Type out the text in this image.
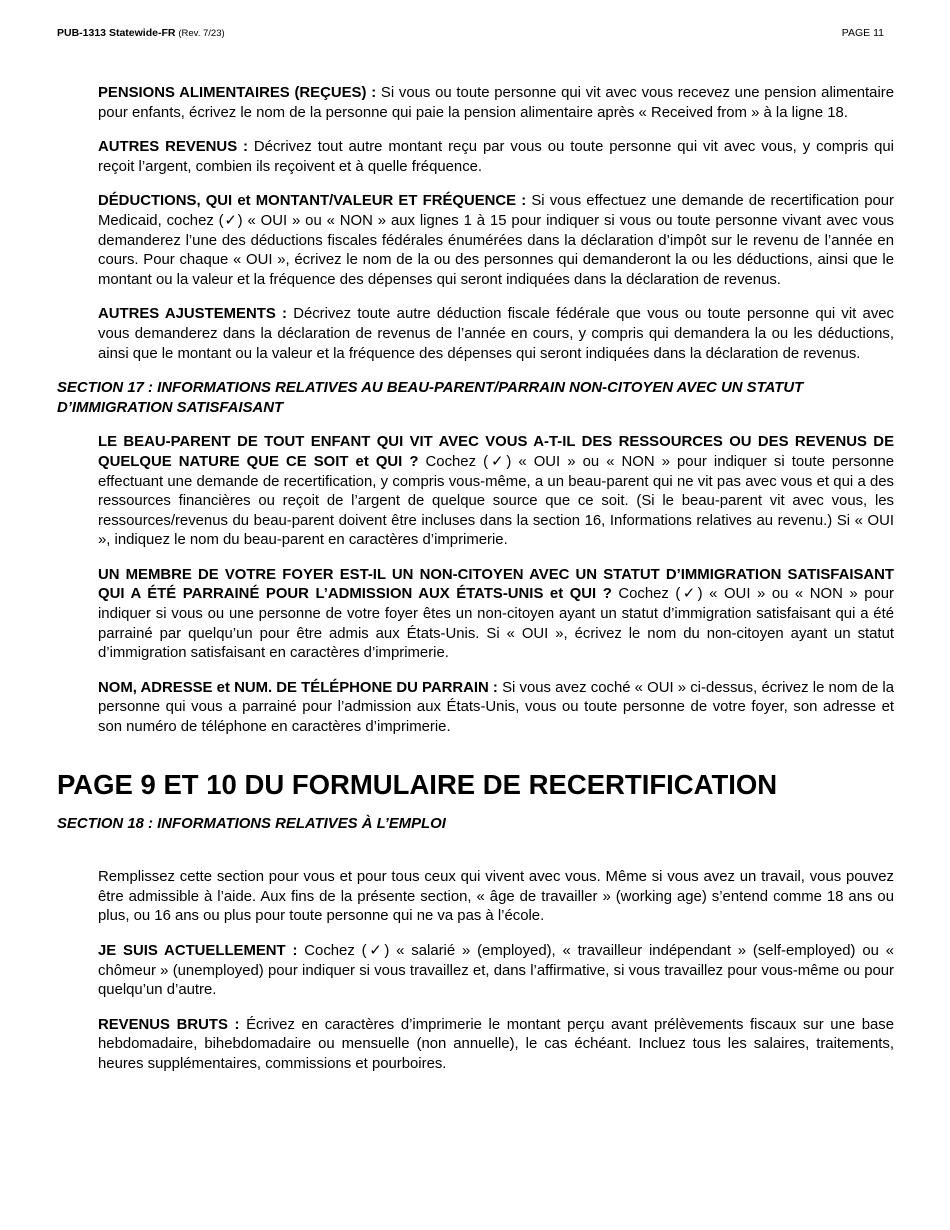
PUB-1313 Statewide-FR (Rev. 7/23)	PAGE 11

PENSIONS ALIMENTAIRES (REÇUES) : Si vous ou toute personne qui vit avec vous recevez une pension alimentaire pour enfants, écrivez le nom de la personne qui paie la pension alimentaire après « Received from » à la ligne 18.

AUTRES REVENUS : Décrivez tout autre montant reçu par vous ou toute personne qui vit avec vous, y compris qui reçoit l’argent, combien ils reçoivent et à quelle fréquence.

DÉDUCTIONS, QUI et MONTANT/VALEUR ET FRÉQUENCE : Si vous effectuez une demande de recertification pour Medicaid, cochez (✓) « OUI » ou « NON » aux lignes 1 à 15 pour indiquer si vous ou toute personne vivant avec vous demanderez l’une des déductions fiscales fédérales énumérées dans la déclaration d’impôt sur le revenu de l’année en cours. Pour chaque « OUI », écrivez le nom de la ou des personnes qui demanderont la ou les déductions, ainsi que le montant ou la valeur et la fréquence des dépenses qui seront indiquées dans la déclaration de revenus.

AUTRES AJUSTEMENTS : Décrivez toute autre déduction fiscale fédérale que vous ou toute personne qui vit avec vous demanderez dans la déclaration de revenus de l’année en cours, y compris qui demandera la ou les déductions, ainsi que le montant ou la valeur et la fréquence des dépenses qui seront indiquées dans la déclaration de revenus.

SECTION 17 : INFORMATIONS RELATIVES AU BEAU-PARENT/PARRAIN NON-CITOYEN AVEC UN STATUT D’IMMIGRATION SATISFAISANT

LE BEAU-PARENT DE TOUT ENFANT QUI VIT AVEC VOUS A-T-IL DES RESSOURCES OU DES REVENUS DE QUELQUE NATURE QUE CE SOIT et QUI ? Cochez (✓) « OUI » ou « NON » pour indiquer si toute personne effectuant une demande de recertification, y compris vous-même, a un beau-parent qui ne vit pas avec vous et qui a des ressources financières ou reçoit de l’argent de quelque source que ce soit. (Si le beau-parent vit avec vous, les ressources/revenus du beau-parent doivent être incluses dans la section 16, Informations relatives au revenu.) Si « OUI », indiquez le nom du beau-parent en caractères d’imprimerie.

UN MEMBRE DE VOTRE FOYER EST-IL UN NON-CITOYEN AVEC UN STATUT D’IMMIGRATION SATISFAISANT QUI A ÉTÉ PARRAINÉ POUR L’ADMISSION AUX ÉTATS-UNIS et QUI ? Cochez (✓) « OUI » ou « NON » pour indiquer si vous ou une personne de votre foyer êtes un non-citoyen ayant un statut d’immigration satisfaisant qui a été parrainé par quelqu’un pour être admis aux États-Unis. Si « OUI », écrivez le nom du non-citoyen ayant un statut d’immigration satisfaisant en caractères d’imprimerie.

NOM, ADRESSE et NUM. DE TÉLÉPHONE DU PARRAIN : Si vous avez coché « OUI » ci-dessus, écrivez le nom de la personne qui vous a parrainé pour l’admission aux États-Unis, vous ou toute personne de votre foyer, son adresse et son numéro de téléphone en caractères d’imprimerie.

PAGE 9 ET 10 DU FORMULAIRE DE RECERTIFICATION
SECTION 18 : INFORMATIONS RELATIVES À L’EMPLOI

Remplissez cette section pour vous et pour tous ceux qui vivent avec vous. Même si vous avez un travail, vous pouvez être admissible à l’aide. Aux fins de la présente section, « âge de travailler » (working age) s’entend comme 18 ans ou plus, ou 16 ans ou plus pour toute personne qui ne va pas à l’école.

JE SUIS ACTUELLEMENT : Cochez (✓) « salarié » (employed), « travailleur indépendant » (self-employed) ou « chômeur » (unemployed) pour indiquer si vous travaillez et, dans l’affirmative, si vous travaillez pour vous-même ou pour quelqu’un d’autre.

REVENUS BRUTS : Écrivez en caractères d’imprimerie le montant perçu avant prélèvements fiscaux sur une base hebdomadaire, bihebdomadaire ou mensuelle (non annuelle), le cas échéant. Incluez tous les salaires, traitements, heures supplémentaires, commissions et pourboires.
